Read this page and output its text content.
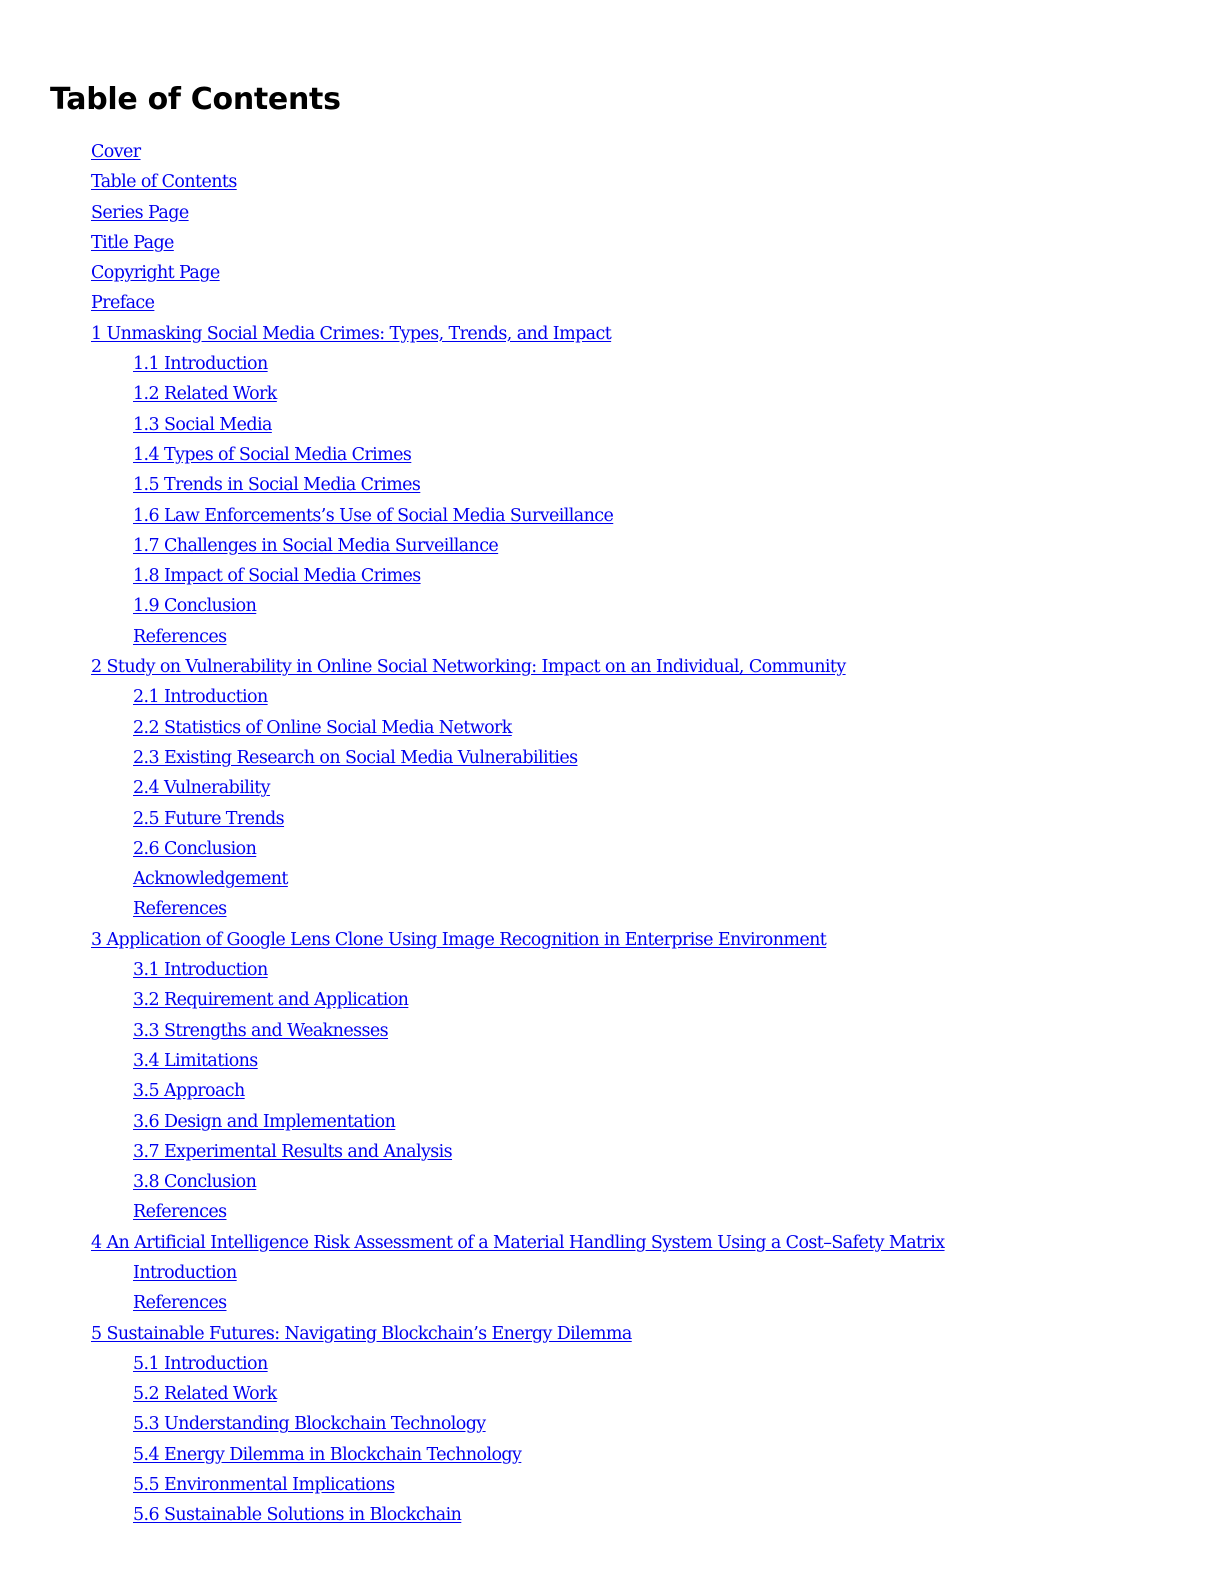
Table of Contents
Cover
Table of Contents
Series Page
Title Page
Copyright Page
Preface
1 Unmasking Social Media Crimes: Types, Trends, and Impact
1.1 Introduction
1.2 Related Work
1.3 Social Media
1.4 Types of Social Media Crimes
1.5 Trends in Social Media Crimes
1.6 Law Enforcements’s Use of Social Media Surveillance
1.7 Challenges in Social Media Surveillance
1.8 Impact of Social Media Crimes
1.9 Conclusion
References
2 Study on Vulnerability in Online Social Networking: Impact on an Individual, Community
2.1 Introduction
2.2 Statistics of Online Social Media Network
2.3 Existing Research on Social Media Vulnerabilities
2.4 Vulnerability
2.5 Future Trends
2.6 Conclusion
Acknowledgement
References
3 Application of Google Lens Clone Using Image Recognition in Enterprise Environment
3.1 Introduction
3.2 Requirement and Application
3.3 Strengths and Weaknesses
3.4 Limitations
3.5 Approach
3.6 Design and Implementation
3.7 Experimental Results and Analysis
3.8 Conclusion
References
4 An Artificial Intelligence Risk Assessment of a Material Handling System Using a Cost–Safety Matrix
Introduction
References
5 Sustainable Futures: Navigating Blockchain’s Energy Dilemma
5.1 Introduction
5.2 Related Work
5.3 Understanding Blockchain Technology
5.4 Energy Dilemma in Blockchain Technology
5.5 Environmental Implications
5.6 Sustainable Solutions in Blockchain
